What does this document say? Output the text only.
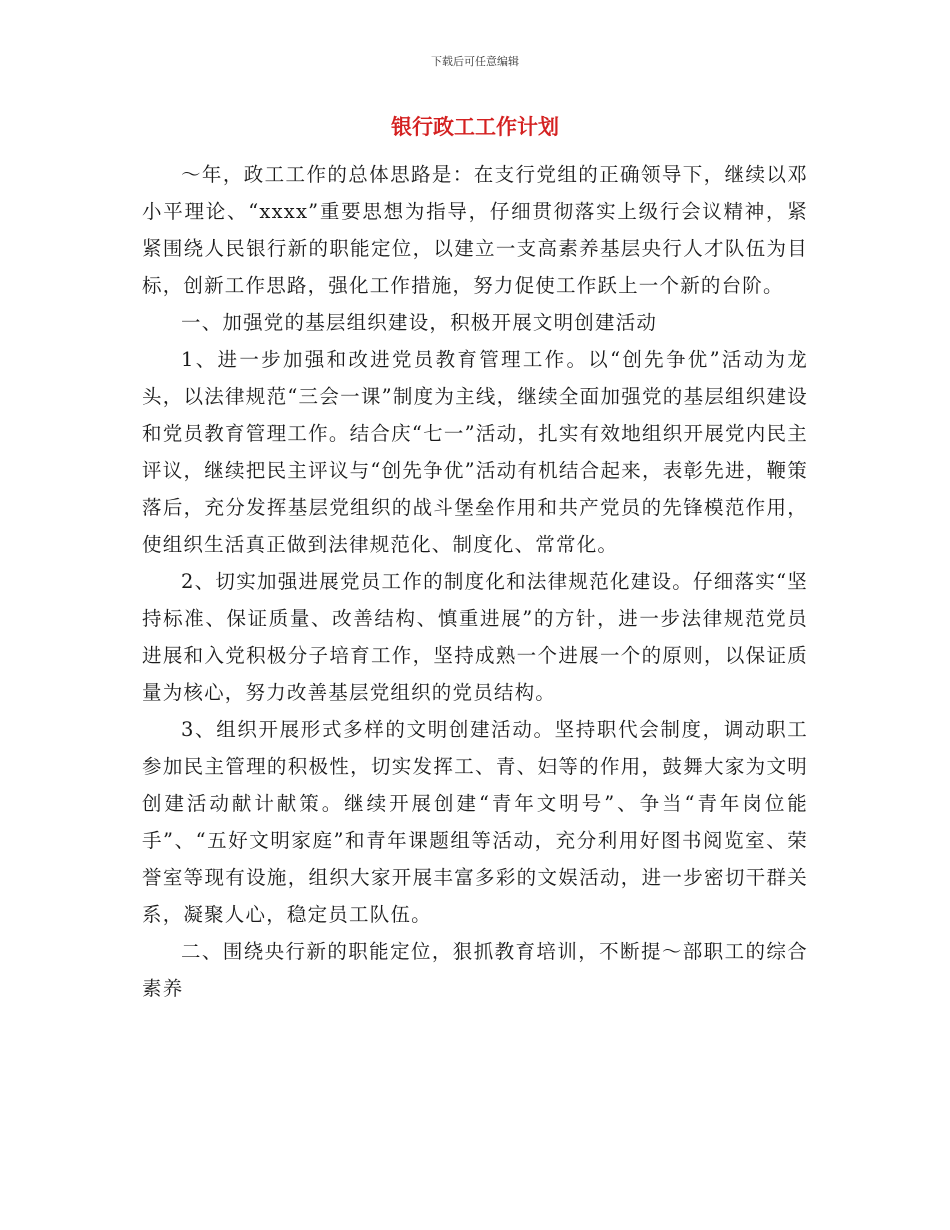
下载后可任意编辑
银行政工工作计划

～年，政工工作的总体思路是：在支行党组的正确领导下，继续以邓小平理论、“xxxx”重要思想为指导，仔细贯彻落实上级行会议精神，紧紧围绕人民银行新的职能定位，以建立一支高素养基层央行人才队伍为目标，创新工作思路，强化工作措施，努力促使工作跃上一个新的台阶。

一、加强党的基层组织建设，积极开展文明创建活动

1、进一步加强和改进党员教育管理工作。以“创先争优”活动为龙头，以法律规范“三会一课”制度为主线，继续全面加强党的基层组织建设和党员教育管理工作。结合庆“七一”活动，扎实有效地组织开展党内民主评议，继续把民主评议与“创先争优”活动有机结合起来，表彰先进，鞭策落后，充分发挥基层党组织的战斗堡垒作用和共产党员的先锋模范作用，使组织生活真正做到法律规范化、制度化、常常化。

2、切实加强进展党员工作的制度化和法律规范化建设。仔细落实“坚持标准、保证质量、改善结构、慎重进展”的方针，进一步法律规范党员进展和入党积极分子培育工作，坚持成熟一个进展一个的原则，以保证质量为核心，努力改善基层党组织的党员结构。

3、组织开展形式多样的文明创建活动。坚持职代会制度，调动职工参加民主管理的积极性，切实发挥工、青、妇等的作用，鼓舞大家为文明创建活动献计献策。继续开展创建“青年文明号”、争当“青年岗位能手”、“五好文明家庭”和青年课题组等活动，充分利用好图书阅览室、荣誉室等现有设施，组织大家开展丰富多彩的文娱活动，进一步密切干群关系，凝聚人心，稳定员工队伍。

二、围绕央行新的职能定位，狠抓教育培训，不断提～部职工的综合素养
